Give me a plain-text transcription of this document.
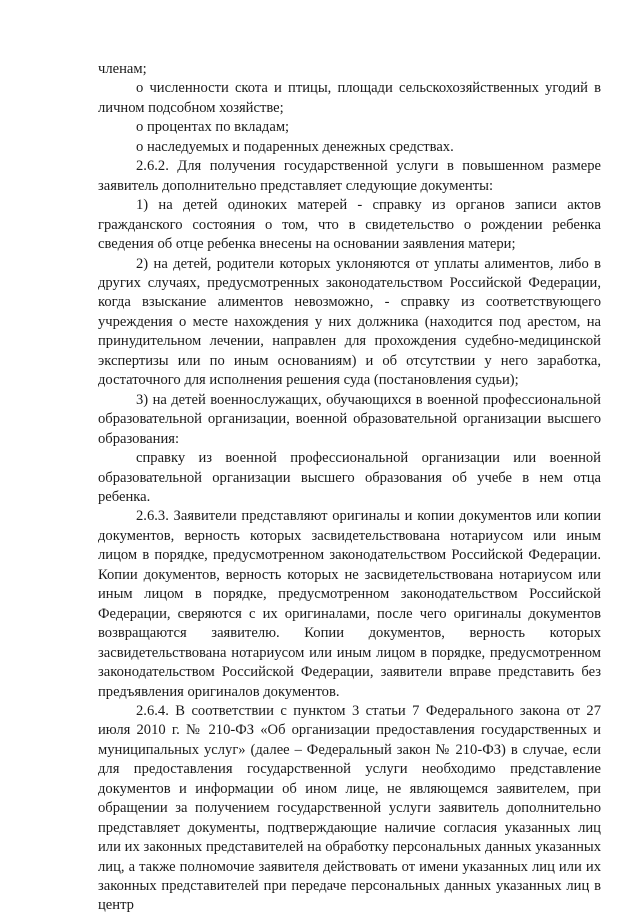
членам;

о численности скота и птицы, площади сельскохозяйственных угодий в личном подсобном хозяйстве;

о процентах по вкладам;

о наследуемых и подаренных денежных средствах.

2.6.2. Для получения государственной услуги в повышенном размере заявитель дополнительно представляет следующие документы:

1) на детей одиноких матерей - справку из органов записи актов гражданского состояния о том, что в свидетельство о рождении ребенка сведения об отце ребенка внесены на основании заявления матери;

2) на детей, родители которых уклоняются от уплаты алиментов, либо в других случаях, предусмотренных законодательством Российской Федерации, когда взыскание алиментов невозможно, - справку из соответствующего учреждения о месте нахождения у них должника (находится под арестом, на принудительном лечении, направлен для прохождения судебно-медицинской экспертизы или по иным основаниям) и об отсутствии у него заработка, достаточного для исполнения решения суда (постановления судьи);

3) на детей военнослужащих, обучающихся в военной профессиональной образовательной организации, военной образовательной организации высшего образования:

справку из военной профессиональной организации или военной образовательной организации высшего образования об учебе в нем отца ребенка.

2.6.3. Заявители представляют оригиналы и копии документов или копии документов, верность которых засвидетельствована нотариусом или иным лицом в порядке, предусмотренном законодательством Российской Федерации. Копии документов, верность которых не засвидетельствована нотариусом или иным лицом в порядке, предусмотренном законодательством Российской Федерации, сверяются с их оригиналами, после чего оригиналы документов возвращаются заявителю. Копии документов, верность которых засвидетельствована нотариусом или иным лицом в порядке, предусмотренном законодательством Российской Федерации, заявители вправе представить без предъявления оригиналов документов.

2.6.4. В соответствии с пунктом 3 статьи 7 Федерального закона от 27 июля 2010 г. № 210-ФЗ «Об организации предоставления государственных и муниципальных услуг» (далее – Федеральный закон № 210-ФЗ) в случае, если для предоставления государственной услуги необходимо представление документов и информации об ином лице, не являющемся заявителем, при обращении за получением государственной услуги заявитель дополнительно представляет документы, подтверждающие наличие согласия указанных лиц или их законных представителей на обработку персональных данных указанных лиц, а также полномочие заявителя действовать от имени указанных лиц или их законных представителей при передаче персональных данных указанных лиц в центр
